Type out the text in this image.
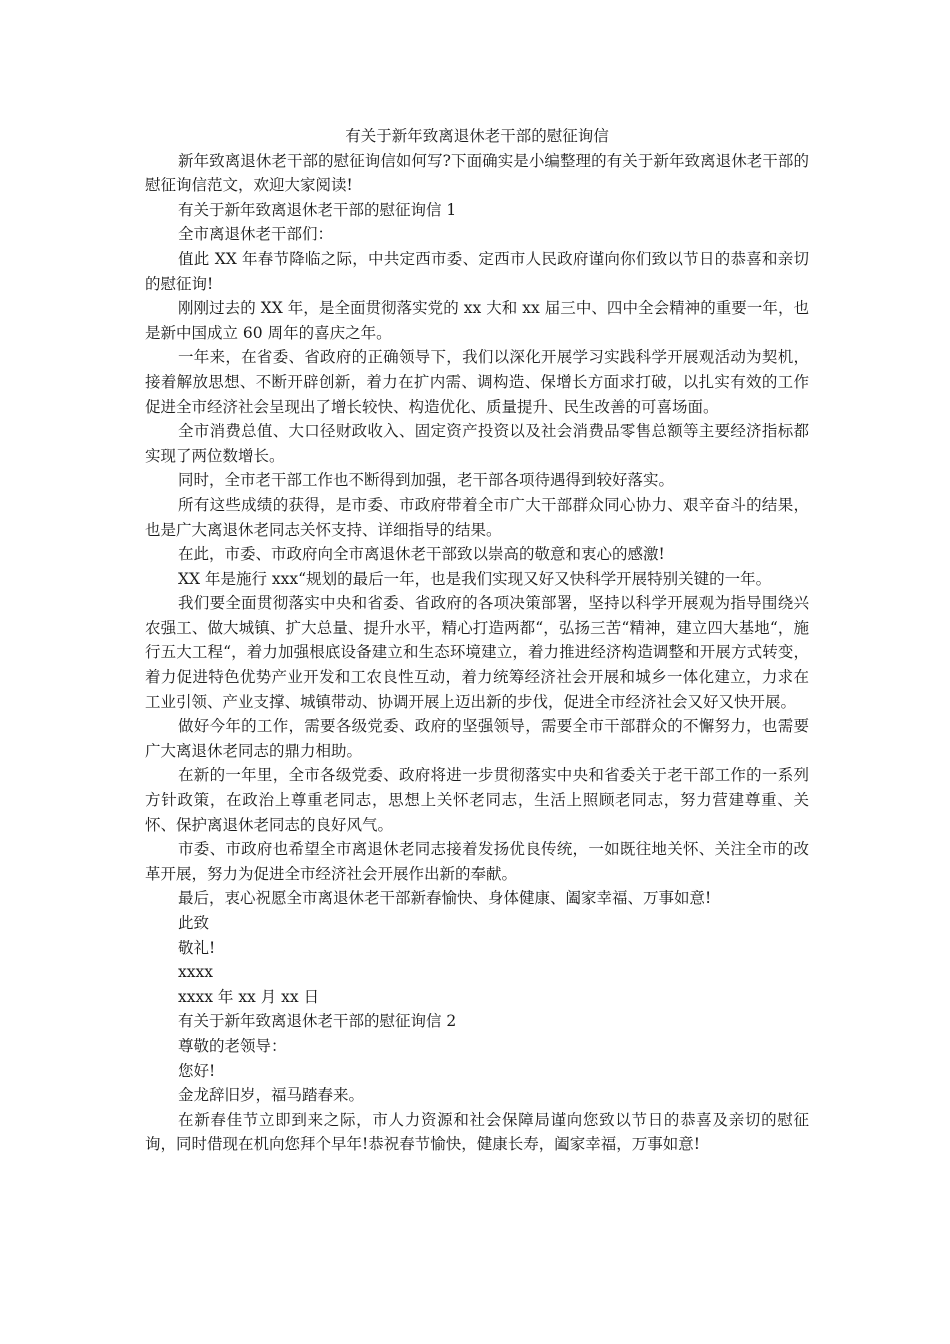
有关于新年致离退休老干部的慰征询信

新年致离退休老干部的慰征询信如何写?下面确实是小编整理的有关于新年致离退休老干部的慰征询信范文，欢迎大家阅读!

有关于新年致离退休老干部的慰征询信 1

全市离退休老干部们：

值此 XX 年春节降临之际，中共定西市委、定西市人民政府谨向你们致以节日的恭喜和亲切的慰征询!

刚刚过去的 XX 年，是全面贯彻落实党的 xx 大和 xx 届三中、四中全会精神的重要一年，也是新中国成立 60 周年的喜庆之年。

一年来，在省委、省政府的正确领导下，我们以深化开展学习实践科学开展观活动为契机，接着解放思想、不断开辟创新，着力在扩内需、调构造、保增长方面求打破，以扎实有效的工作促进全市经济社会呈现出了增长较快、构造优化、质量提升、民生改善的可喜场面。

全市消费总值、大口径财政收入、固定资产投资以及社会消费品零售总额等主要经济指标都实现了两位数增长。

同时，全市老干部工作也不断得到加强，老干部各项待遇得到较好落实。

所有这些成绩的获得，是市委、市政府带着全市广大干部群众同心协力、艰辛奋斗的结果，也是广大离退休老同志关怀支持、详细指导的结果。

在此，市委、市政府向全市离退休老干部致以崇高的敬意和衷心的感激!

XX 年是施行 xxx“规划的最后一年，也是我们实现又好又快科学开展特别关键的一年。

我们要全面贯彻落实中央和省委、省政府的各项决策部署，坚持以科学开展观为指导围绕兴农强工、做大城镇、扩大总量、提升水平，精心打造两都“，弘扬三苦“精神，建立四大基地“，施行五大工程“，着力加强根底设备建立和生态环境建立，着力推进经济构造调整和开展方式转变，着力促进特色优势产业开发和工农良性互动，着力统筹经济社会开展和城乡一体化建立，力求在工业引领、产业支撑、城镇带动、协调开展上迈出新的步伐，促进全市经济社会又好又快开展。

做好今年的工作，需要各级党委、政府的坚强领导，需要全市干部群众的不懈努力，也需要广大离退休老同志的鼎力相助。

在新的一年里，全市各级党委、政府将进一步贯彻落实中央和省委关于老干部工作的一系列方针政策，在政治上尊重老同志，思想上关怀老同志，生活上照顾老同志，努力营建尊重、关怀、保护离退休老同志的良好风气。

市委、市政府也希望全市离退休老同志接着发扬优良传统，一如既往地关怀、关注全市的改革开展，努力为促进全市经济社会开展作出新的奉献。

最后，衷心祝愿全市离退休老干部新春愉快、身体健康、阖家幸福、万事如意!

此致

敬礼!

xxxx

xxxx 年 xx 月 xx 日

有关于新年致离退休老干部的慰征询信 2

尊敬的老领导：

您好!

金龙辞旧岁，福马踏春来。

在新春佳节立即到来之际，市人力资源和社会保障局谨向您致以节日的恭喜及亲切的慰征询，同时借现在机向您拜个早年!恭祝春节愉快，健康长寿，阖家幸福，万事如意!
